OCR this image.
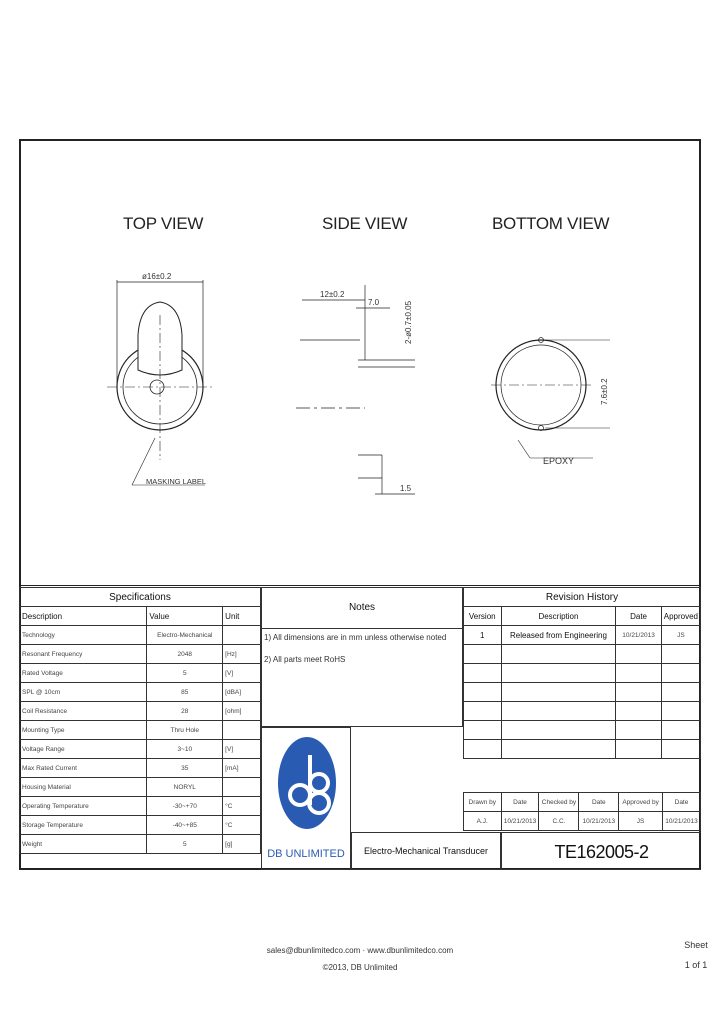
TOP VIEW	SIDE VIEW	BOTTOM VIEW
ø16±0.2
MASKING LABEL
12±0.2
7.0	2-ø0.7±0.05
1.5
7.6±0.2
EPOXY
Specifications		
Description	Value	Unit
Technology	Electro-Mechanical	
Resonant Frequency	2048	[Hz]
Rated Voltage	5	[V]
SPL @ 10cm	85	[dBA]
Coil Resistance	28	[ohm]
Mounting Type	Thru Hole	
Voltage Range	3~10	[V]
Max Rated Current	35	[mA]
Housing Material	NORYL	
Operating Temperature	-30~+70	°C
Storage Temperature	-40~+85	°C
Weight	5	[g]
Notes
1) All dimensions are in mm unless otherwise noted
2) All parts meet RoHS
DB UNLIMITED	Electro-Mechanical Transducer
Revision History			
Version	Description	Date	Approved
1	Released from Engineering	10/21/2013	JS

Drawn by	Date	Checked by	Date	Approved by	Date
A.J.	10/21/2013	C.C.	10/21/2013	JS	10/21/2013
TE162005-2
sales@dbunlimitedco.com · www.dbunlimitedco.com
©2013, DB Unlimited
Sheet
1 of 1
